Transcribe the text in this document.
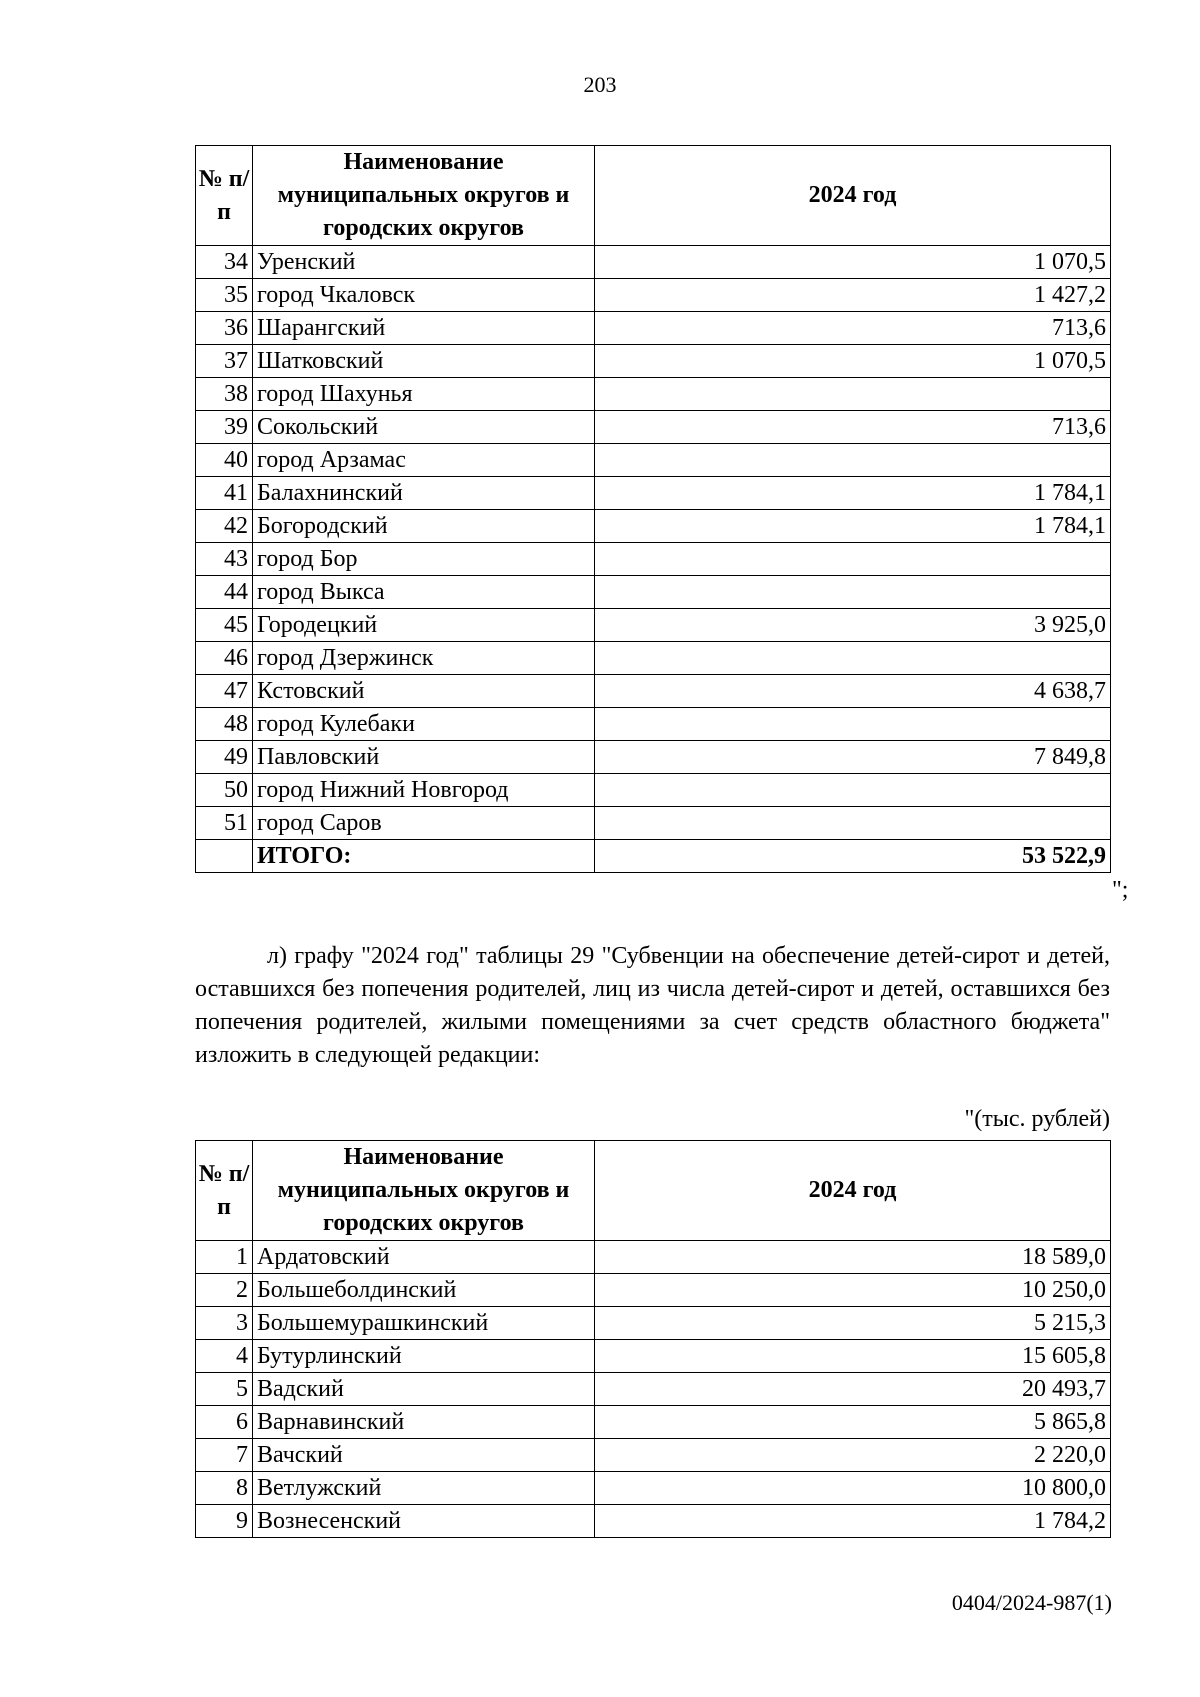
203
№ п/п	Наименование муниципальных округов и городских округов	2024 год
34	Уренский	1 070,5
35	город Чкаловск	1 427,2
36	Шарангский	713,6
37	Шатковский	1 070,5
38	город Шахунья	
39	Сокольский	713,6
40	город Арзамас	
41	Балахнинский	1 784,1
42	Богородский	1 784,1
43	город Бор	
44	город Выкса	
45	Городецкий	3 925,0
46	город Дзержинск	
47	Кстовский	4 638,7
48	город Кулебаки	
49	Павловский	7 849,8
50	город Нижний Новгород	
51	город Саров	
	ИТОГО:	53 522,9
";

л) графу "2024 год" таблицы 29 "Субвенции на обеспечение детей-сирот и детей, оставшихся без попечения родителей, лиц из числа детей-сирот и детей, оставшихся без попечения родителей, жилыми помещениями за счет средств областного бюджета" изложить в следующей редакции:

"(тыс. рублей)
№ п/п	Наименование муниципальных округов и городских округов	2024 год
1	Ардатовский	18 589,0
2	Большеболдинский	10 250,0
3	Большемурашкинский	5 215,3
4	Бутурлинский	15 605,8
5	Вадский	20 493,7
6	Варнавинский	5 865,8
7	Вачский	2 220,0
8	Ветлужский	10 800,0
9	Вознесенский	1 784,2
0404/2024-987(1)
